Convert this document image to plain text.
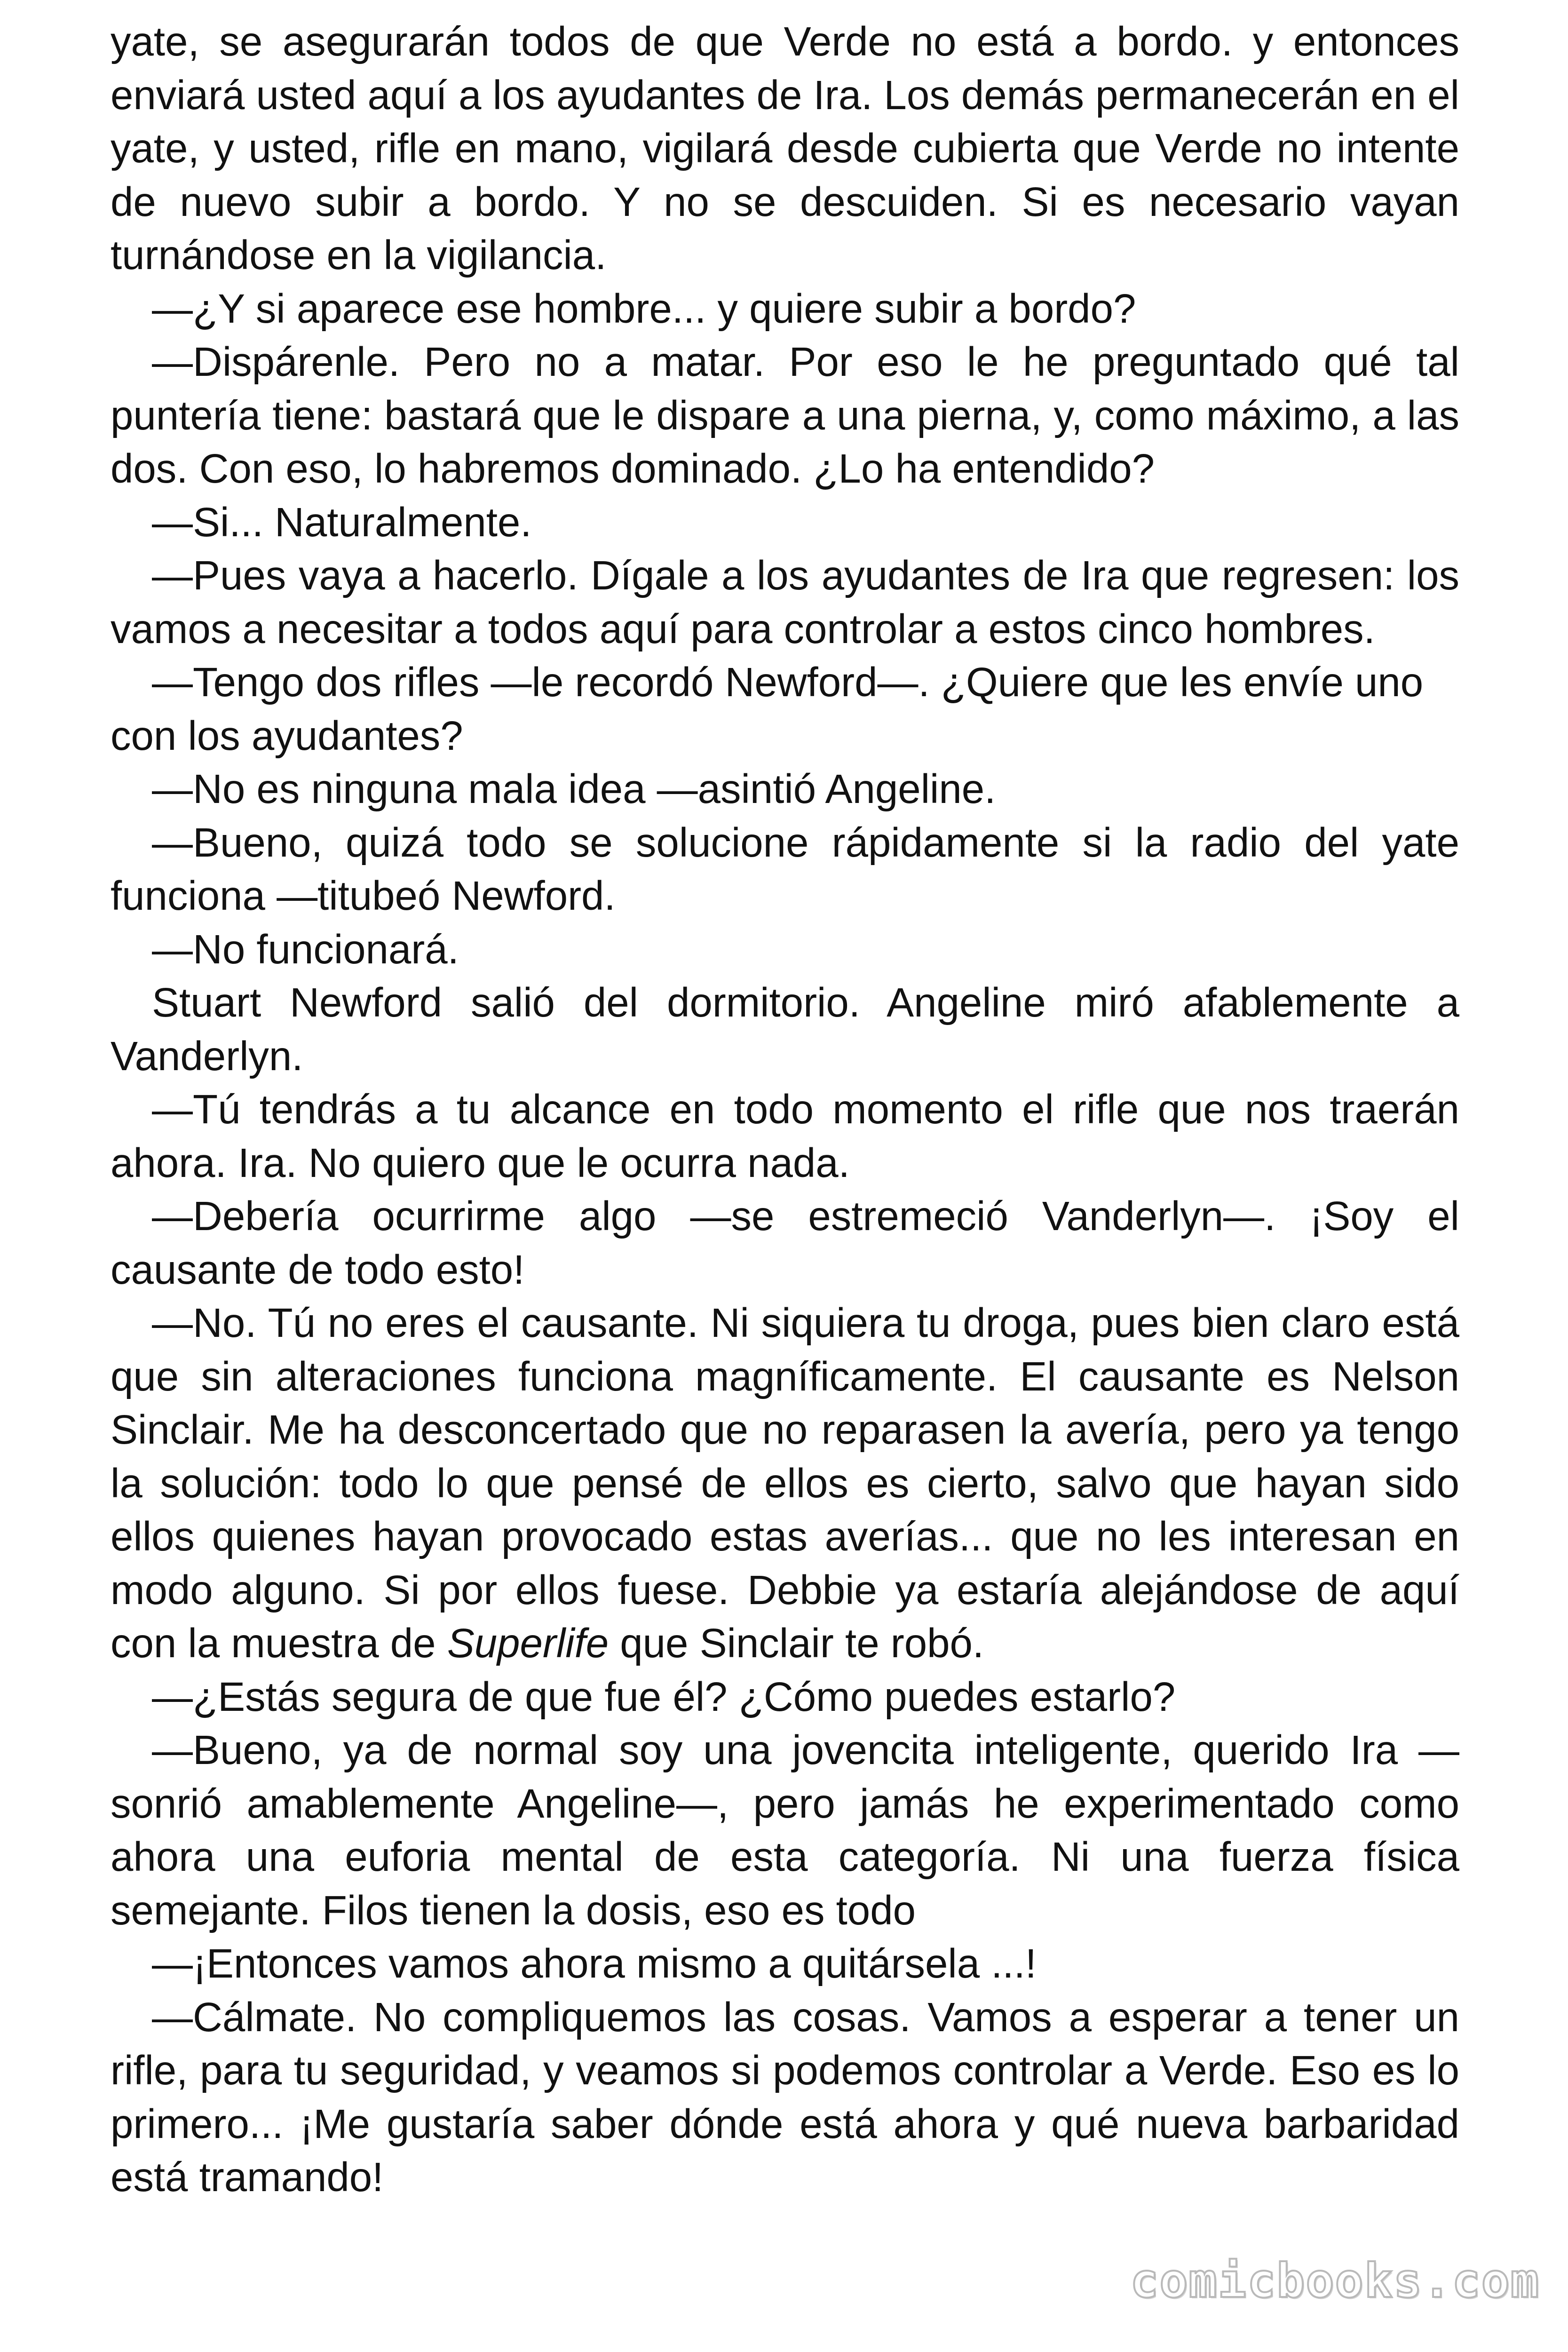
yate, se asegurarán todos de que Verde no está a bordo. y entonces enviará usted aquí a los ayudantes de Ira. Los demás permanecerán en el yate, y usted, rifle en mano, vigilará desde cubierta que Verde no intente de nuevo subir a bordo. Y no se descuiden. Si es necesario vayan turnándose en la vigilancia.

—¿Y si aparece ese hombre... y quiere subir a bordo?

—Dispárenle. Pero no a matar. Por eso le he preguntado qué tal puntería tiene: bastará que le dispare a una pierna, y, como máximo, a las dos. Con eso, lo habremos dominado. ¿Lo ha entendido?

—Si... Naturalmente.

—Pues vaya a hacerlo. Dígale a los ayudantes de Ira que regresen: los vamos a necesitar a todos aquí para controlar a estos cinco hombres.

—Tengo dos rifles —le recordó Newford—. ¿Quiere que les envíe uno con los ayudantes?

—No es ninguna mala idea —asintió Angeline.

—Bueno, quizá todo se solucione rápidamente si la radio del yate funciona —titubeó Newford.

—No funcionará.

Stuart Newford salió del dormitorio. Angeline miró afablemente a Vanderlyn.

—Tú tendrás a tu alcance en todo momento el rifle que nos traerán ahora. Ira. No quiero que le ocurra nada.

—Debería ocurrirme algo —se estremeció Vanderlyn—. ¡Soy el causante de todo esto!

—No. Tú no eres el causante. Ni siquiera tu droga, pues bien claro está que sin alteraciones funciona magníficamente. El causante es Nelson Sinclair. Me ha desconcertado que no reparasen la avería, pero ya tengo la solución: todo lo que pensé de ellos es cierto, salvo que hayan sido ellos quienes hayan provocado estas averías... que no les interesan en modo alguno. Si por ellos fuese. Debbie ya estaría alejándose de aquí con la muestra de Superlife que Sinclair te robó.

—¿Estás segura de que fue él? ¿Cómo puedes estarlo?

—Bueno, ya de normal soy una jovencita inteligente, querido Ira —sonrió amablemente Angeline—, pero jamás he experimentado como ahora una euforia mental de esta categoría. Ni una fuerza física semejante. Filos tienen la dosis, eso es todo

—¡Entonces vamos ahora mismo a quitársela ...!

—Cálmate. No compliquemos las cosas. Vamos a esperar a tener un rifle, para tu seguridad, y veamos si podemos controlar a Verde. Eso es lo primero... ¡Me gustaría saber dónde está ahora y qué nueva barbaridad está tramando!

comicbooks.com
